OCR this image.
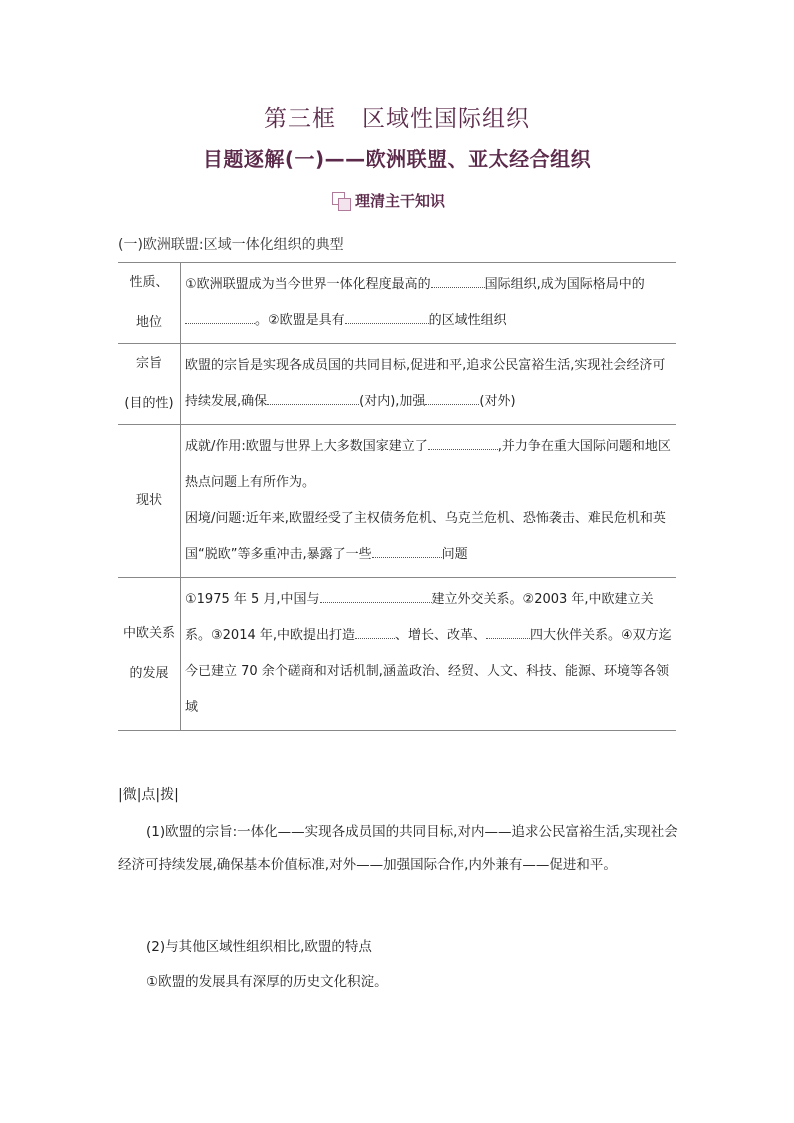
第三框 区域性国际组织
目题逐解(一)——欧洲联盟、亚太经合组织
理清主干知识
(一)欧洲联盟:区域一体化组织的典型
性质、
地位	①欧洲联盟成为当今世界一体化程度最高的 国际组织,成为国际格局中的。②欧盟是具有 的区域性组织

宗旨
(目的性)	欧盟的宗旨是实现各成员国的共同目标,促进和平,追求公民富裕生活,实现社会经济可持续发展,确保 (对内),加强 (对外)

现状	成就/作用:欧盟与世界上大多数国家建立了 ,并力争在重大国际问题和地区热点问题上有所作为。
困境/问题:近年来,欧盟经受了主权债务危机、乌克兰危机、恐怖袭击、难民危机和英国“脱欧”等多重冲击,暴露了一些 问题

中欧关系
的发展	①1975 年 5 月,中国与 建立外交关系。②2003 年,中欧建立关系。③2014 年,中欧提出打造 、增长、改革、 四大伙伴关系。④双方迄今已建立 70 余个磋商和对话机制,涵盖政治、经贸、人文、科技、能源、环境等各领域
|微|点|拨|
(1)欧盟的宗旨:一体化——实现各成员国的共同目标,对内——追求公民富裕生活,实现社会经济可持续发展,确保基本价值标准,对外——加强国际合作,内外兼有——促进和平。
(2)与其他区域性组织相比,欧盟的特点
①欧盟的发展具有深厚的历史文化积淀。
